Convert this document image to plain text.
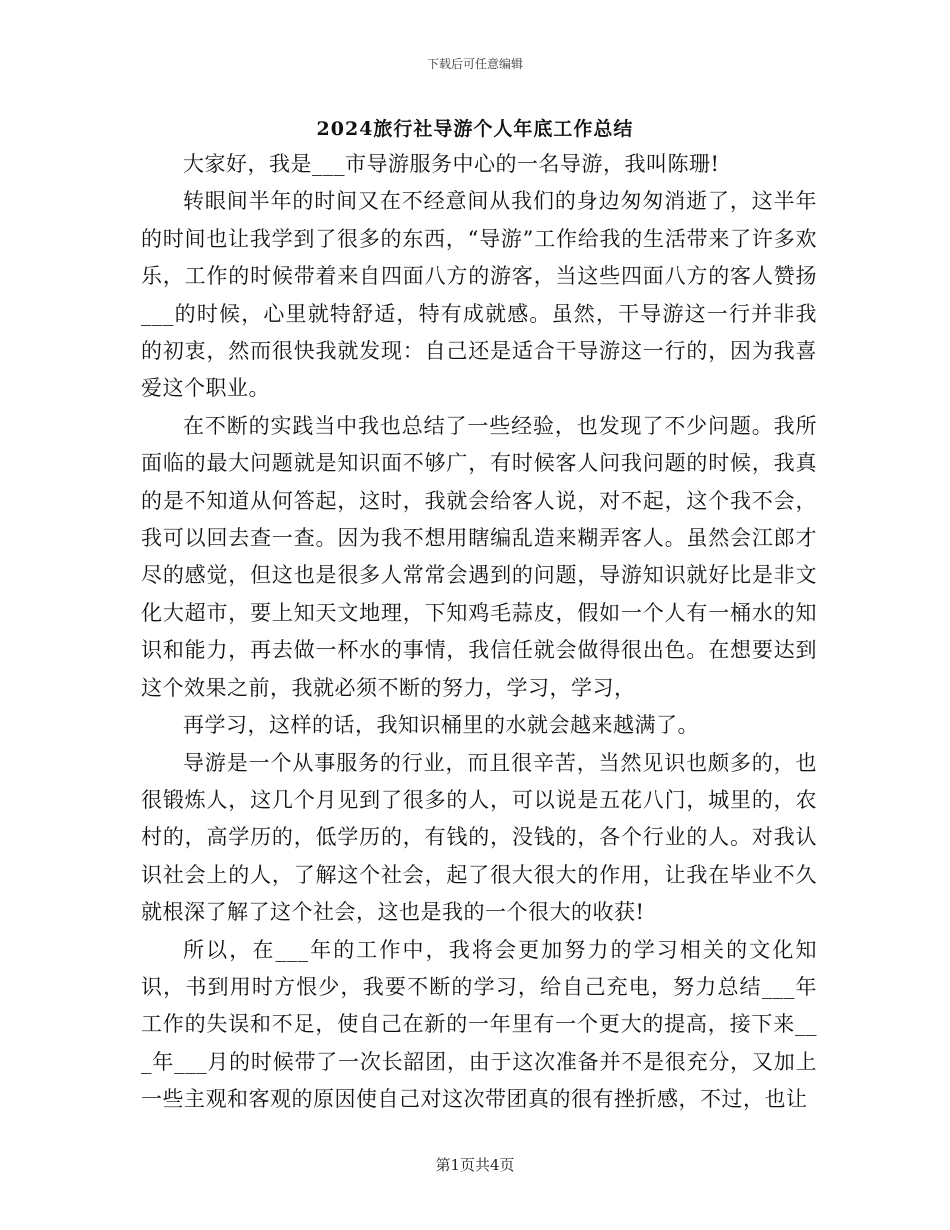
下载后可任意编辑
2024旅行社导游个人年底工作总结

大家好，我是___市导游服务中心的一名导游，我叫陈珊!

转眼间半年的时间又在不经意间从我们的身边匆匆消逝了，这半年的时间也让我学到了很多的东西，“导游”工作给我的生活带来了许多欢乐，工作的时候带着来自四面八方的游客，当这些四面八方的客人赞扬___的时候，心里就特舒适，特有成就感。虽然，干导游这一行并非我的初衷，然而很快我就发现：自己还是适合干导游这一行的，因为我喜爱这个职业。

在不断的实践当中我也总结了一些经验，也发现了不少问题。我所面临的最大问题就是知识面不够广，有时候客人问我问题的时候，我真的是不知道从何答起，这时，我就会给客人说，对不起，这个我不会，我可以回去查一查。因为我不想用瞎编乱造来糊弄客人。虽然会江郎才尽的感觉，但这也是很多人常常会遇到的问题，导游知识就好比是非文化大超市，要上知天文地理，下知鸡毛蒜皮，假如一个人有一桶水的知识和能力，再去做一杯水的事情，我信任就会做得很出色。在想要达到这个效果之前，我就必须不断的努力，学习，学习，

再学习，这样的话，我知识桶里的水就会越来越满了。

导游是一个从事服务的行业，而且很辛苦，当然见识也颇多的，也很锻炼人，这几个月见到了很多的人，可以说是五花八门，城里的，农村的，高学历的，低学历的，有钱的，没钱的，各个行业的人。对我认识社会上的人，了解这个社会，起了很大很大的作用，让我在毕业不久就根深了解了这个社会，这也是我的一个很大的收获!

所以，在___年的工作中，我将会更加努力的学习相关的文化知识，书到用时方恨少，我要不断的学习，给自己充电，努力总结___年工作的失误和不足，使自己在新的一年里有一个更大的提高，接下来___年___月的时候带了一次长韶团，由于这次准备并不是很充分，又加上一些主观和客观的原因使自己对这次带团真的很有挫折感，不过，也让

第1页共4页
